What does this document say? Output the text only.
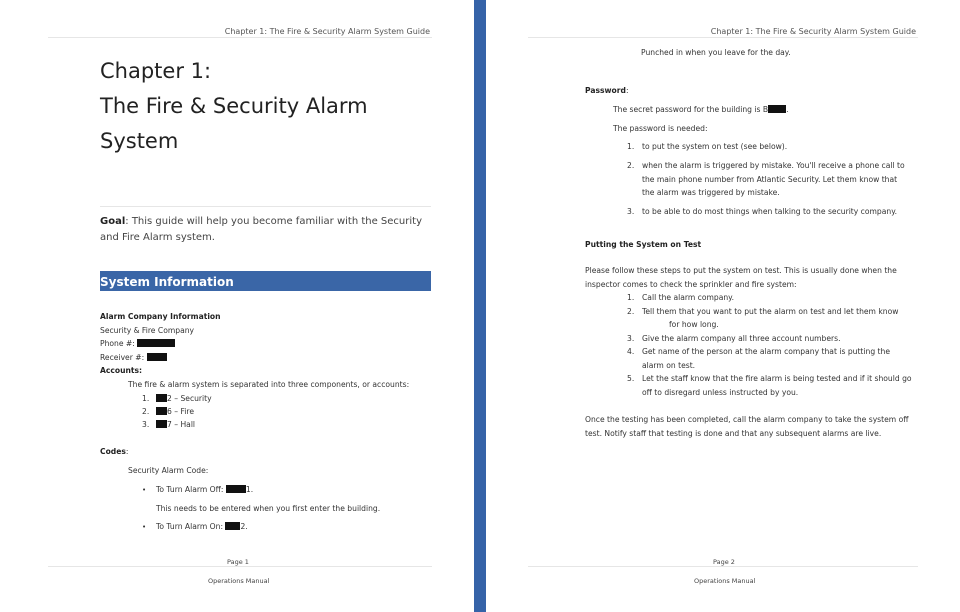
Chapter 1: The Fire & Security Alarm System Guide
Chapter 1:
The Fire & Security Alarm
System
Goal: This guide will help you become familiar with the Security and Fire Alarm system.
System Information
Alarm Company Information
Security & Fire Company
Phone #:
Receiver #:
Accounts:
The fire & alarm system is separated into three components, or accounts:
1.	2 – Security
2.	6 – Fire
3.	7 – Hall
Codes:
Security Alarm Code:
• To Turn Alarm Off:	1.
This needs to be entered when you first enter the building.
• To Turn Alarm On: 2.
Page 1
Operations Manual
Chapter 1: The Fire & Security Alarm System Guide
Punched in when you leave for the day.
Password:
The secret password for the building is B .
The password is needed:
1. to put the system on test (see below).
2. when the alarm is triggered by mistake. You'll receive a phone call to
the main phone number from Atlantic Security. Let them know that
the alarm was triggered by mistake.
3. to be able to do most things when talking to the security company.
Putting the System on Test
Please follow these steps to put the system on test. This is usually done when the
inspector comes to check the sprinkler and fire system:
1. Call the alarm company.
2. Tell them that you want to put the alarm on test and let them know
for how long.
3. Give the alarm company all three account numbers.
4. Get name of the person at the alarm company that is putting the
alarm on test.
5. Let the staff know that the fire alarm is being tested and if it should go
off to disregard unless instructed by you.
Once the testing has been completed, call the alarm company to take the system off
test. Notify staff that testing is done and that any subsequent alarms are live.
Page 2
Operations Manual
